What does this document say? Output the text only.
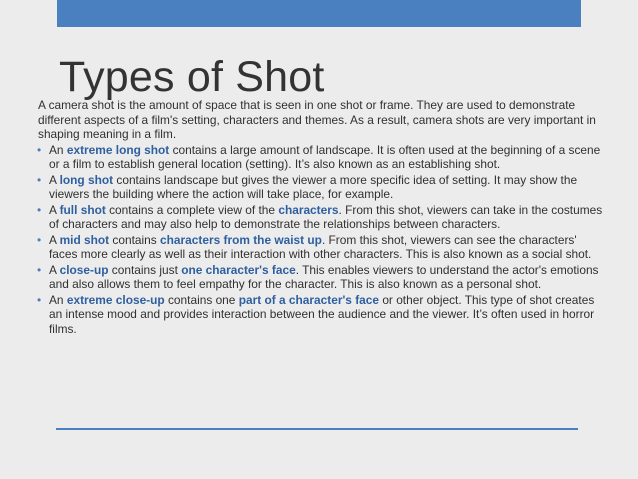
Types of Shot

A camera shot is the amount of space that is seen in one shot or frame. They are used to demonstrate different aspects of a film's setting, characters and themes. As a result, camera shots are very important in shaping meaning in a film.

• An extreme long shot contains a large amount of landscape. It is often used at the beginning of a scene or a film to establish general location (setting). It’s also known as an establishing shot.
• A long shot contains landscape but gives the viewer a more specific idea of setting. It may show the viewers the building where the action will take place, for example.
• A full shot contains a complete view of the characters. From this shot, viewers can take in the costumes of characters and may also help to demonstrate the relationships between characters.
• A mid shot contains characters from the waist up. From this shot, viewers can see the characters' faces more clearly as well as their interaction with other characters. This is also known as a social shot.
• A close-up contains just one character's face. This enables viewers to understand the actor's emotions and also allows them to feel empathy for the character. This is also known as a personal shot.
• An extreme close-up contains one part of a character's face or other object. This type of shot creates an intense mood and provides interaction between the audience and the viewer. It’s often used in horror films.
